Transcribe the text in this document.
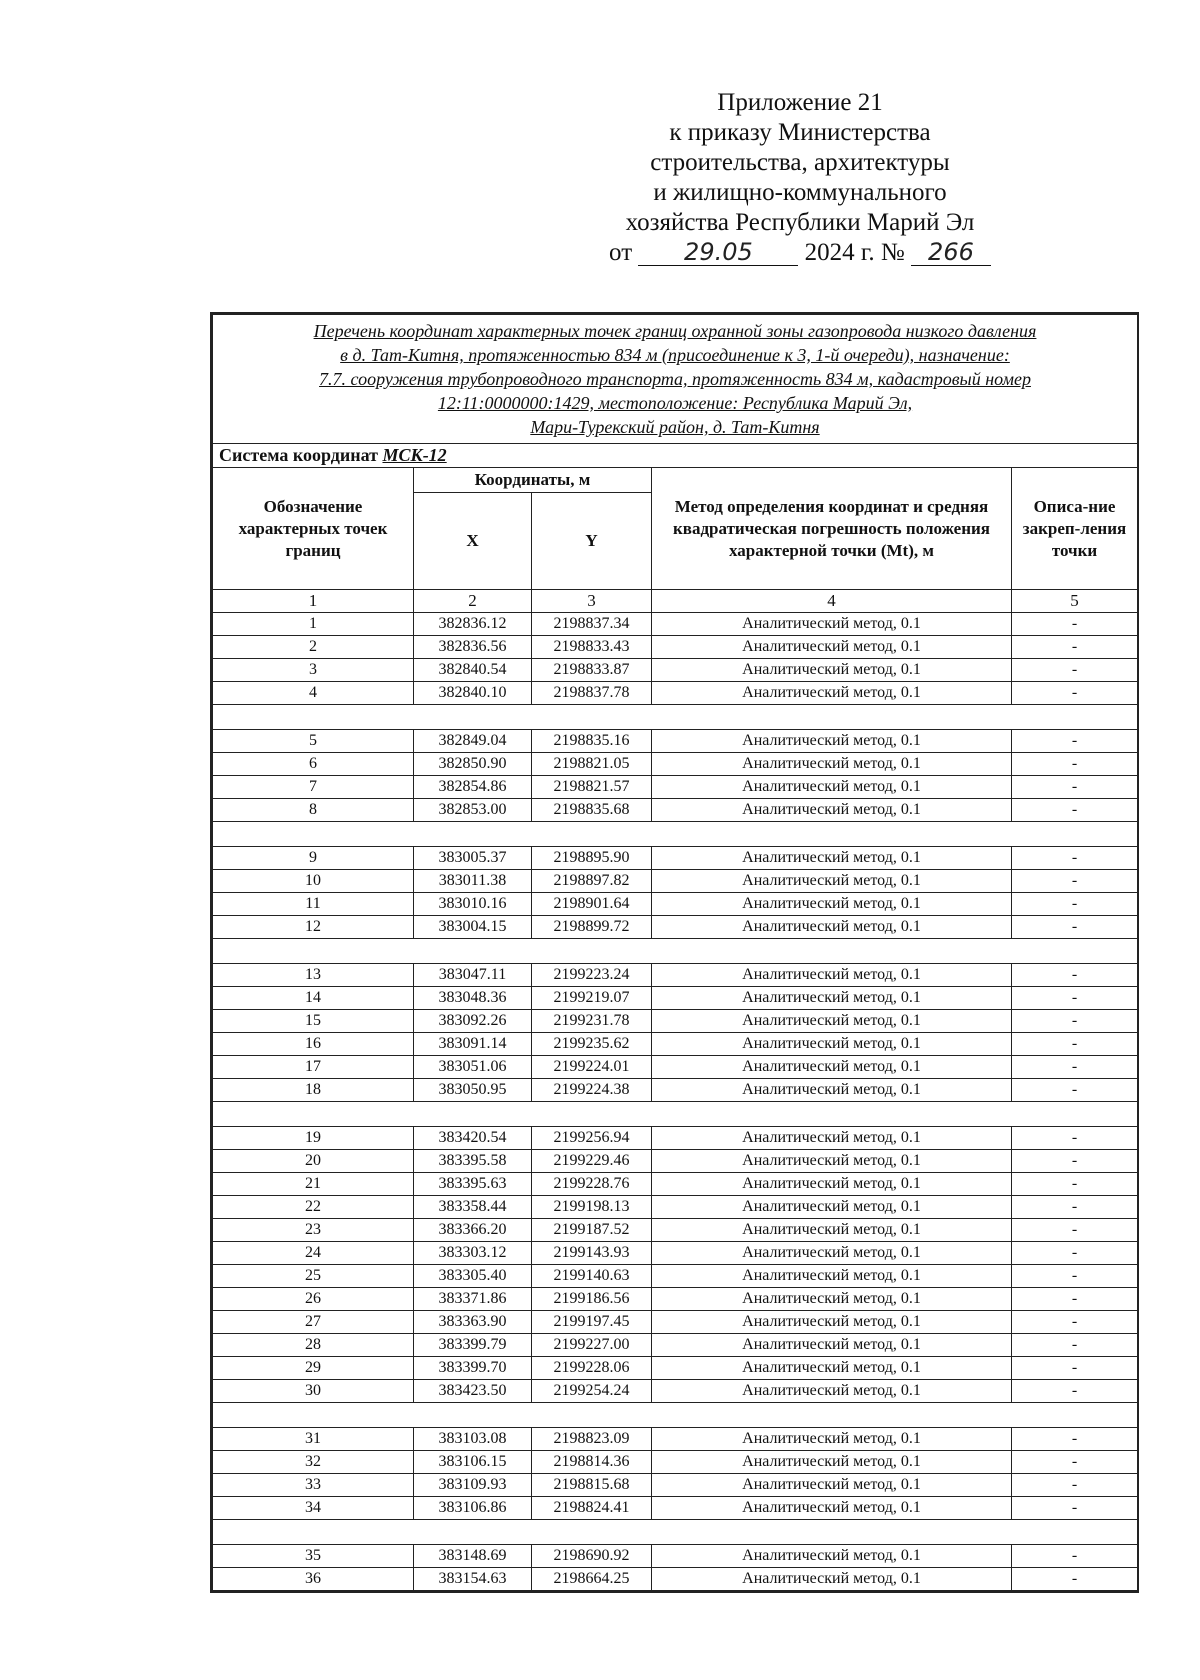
Приложение 21
к приказу Министерства
строительства, архитектуры
и жилищно-коммунального
хозяйства Республики Марий Эл
от 29.05 2024 г. № 266
Перечень координат характерных точек границ охранной зоны газопровода низкого давления
в д. Тат-Китня, протяженностью 834 м (присоединение к 3, 1-й очереди), назначение:
7.7. сооружения трубопроводного транспорта, протяженность 834 м, кадастровый номер
12:11:0000000:1429, местоположение: Республика Марий Эл,
Мари-Турекский район, д. Тат-Китня				

Система координат МСК-12				
Обозначение характерных точек границ	Координаты, м		Метод определения координат и средняя квадратическая погрешность положения характерной точки (Mt), м	Описа-ние закреп-ления точки
	X	Y		
1	2	3	4	5
1	382836.12	2198837.34	Аналитический метод, 0.1	-
2	382836.56	2198833.43	Аналитический метод, 0.1	-
3	382840.54	2198833.87	Аналитический метод, 0.1	-
4	382840.10	2198837.78	Аналитический метод, 0.1	-

5	382849.04	2198835.16	Аналитический метод, 0.1	-
6	382850.90	2198821.05	Аналитический метод, 0.1	-
7	382854.86	2198821.57	Аналитический метод, 0.1	-
8	382853.00	2198835.68	Аналитический метод, 0.1	-

9	383005.37	2198895.90	Аналитический метод, 0.1	-
10	383011.38	2198897.82	Аналитический метод, 0.1	-
11	383010.16	2198901.64	Аналитический метод, 0.1	-
12	383004.15	2198899.72	Аналитический метод, 0.1	-

13	383047.11	2199223.24	Аналитический метод, 0.1	-
14	383048.36	2199219.07	Аналитический метод, 0.1	-
15	383092.26	2199231.78	Аналитический метод, 0.1	-
16	383091.14	2199235.62	Аналитический метод, 0.1	-
17	383051.06	2199224.01	Аналитический метод, 0.1	-
18	383050.95	2199224.38	Аналитический метод, 0.1	-

19	383420.54	2199256.94	Аналитический метод, 0.1	-
20	383395.58	2199229.46	Аналитический метод, 0.1	-
21	383395.63	2199228.76	Аналитический метод, 0.1	-
22	383358.44	2199198.13	Аналитический метод, 0.1	-
23	383366.20	2199187.52	Аналитический метод, 0.1	-
24	383303.12	2199143.93	Аналитический метод, 0.1	-
25	383305.40	2199140.63	Аналитический метод, 0.1	-
26	383371.86	2199186.56	Аналитический метод, 0.1	-
27	383363.90	2199197.45	Аналитический метод, 0.1	-
28	383399.79	2199227.00	Аналитический метод, 0.1	-
29	383399.70	2199228.06	Аналитический метод, 0.1	-
30	383423.50	2199254.24	Аналитический метод, 0.1	-

31	383103.08	2198823.09	Аналитический метод, 0.1	-
32	383106.15	2198814.36	Аналитический метод, 0.1	-
33	383109.93	2198815.68	Аналитический метод, 0.1	-
34	383106.86	2198824.41	Аналитический метод, 0.1	-

35	383148.69	2198690.92	Аналитический метод, 0.1	-
36	383154.63	2198664.25	Аналитический метод, 0.1	-
